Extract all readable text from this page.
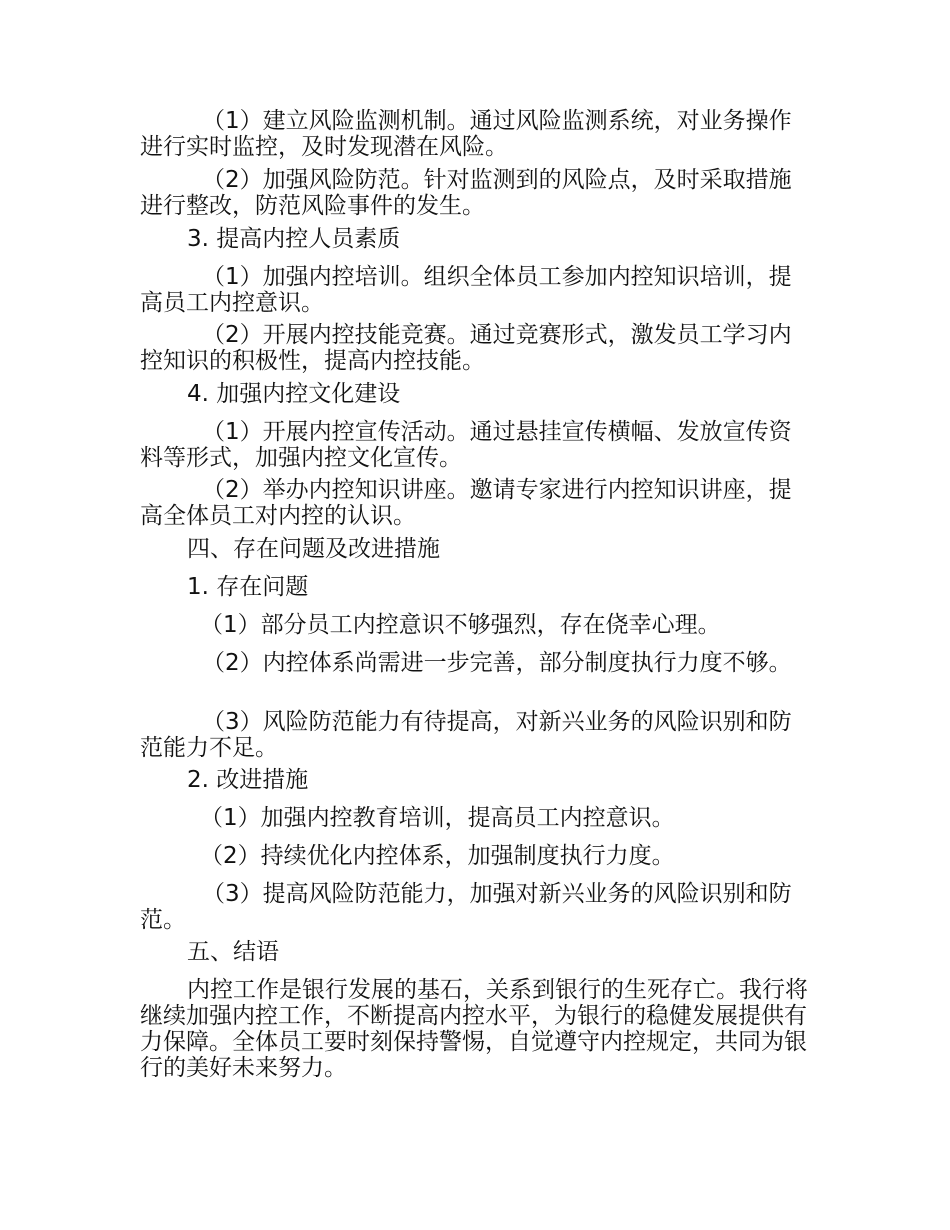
（1）建立风险监测机制。通过风险监测系统，对业务操作进行实时监控，及时发现潜在风险。

（2）加强风险防范。针对监测到的风险点，及时采取措施进行整改，防范风险事件的发生。

3. 提高内控人员素质

（1）加强内控培训。组织全体员工参加内控知识培训，提高员工内控意识。

（2）开展内控技能竞赛。通过竞赛形式，激发员工学习内控知识的积极性，提高内控技能。

4. 加强内控文化建设

（1）开展内控宣传活动。通过悬挂宣传横幅、发放宣传资料等形式，加强内控文化宣传。

（2）举办内控知识讲座。邀请专家进行内控知识讲座，提高全体员工对内控的认识。

四、存在问题及改进措施

1. 存在问题

（1）部分员工内控意识不够强烈，存在侥幸心理。

（2）内控体系尚需进一步完善，部分制度执行力度不够。

（3）风险防范能力有待提高，对新兴业务的风险识别和防范能力不足。

2. 改进措施

（1）加强内控教育培训，提高员工内控意识。

（2）持续优化内控体系，加强制度执行力度。

（3）提高风险防范能力，加强对新兴业务的风险识别和防范。

五、结语

内控工作是银行发展的基石，关系到银行的生死存亡。我行将继续加强内控工作，不断提高内控水平，为银行的稳健发展提供有力保障。全体员工要时刻保持警惕，自觉遵守内控规定，共同为银行的美好未来努力。
